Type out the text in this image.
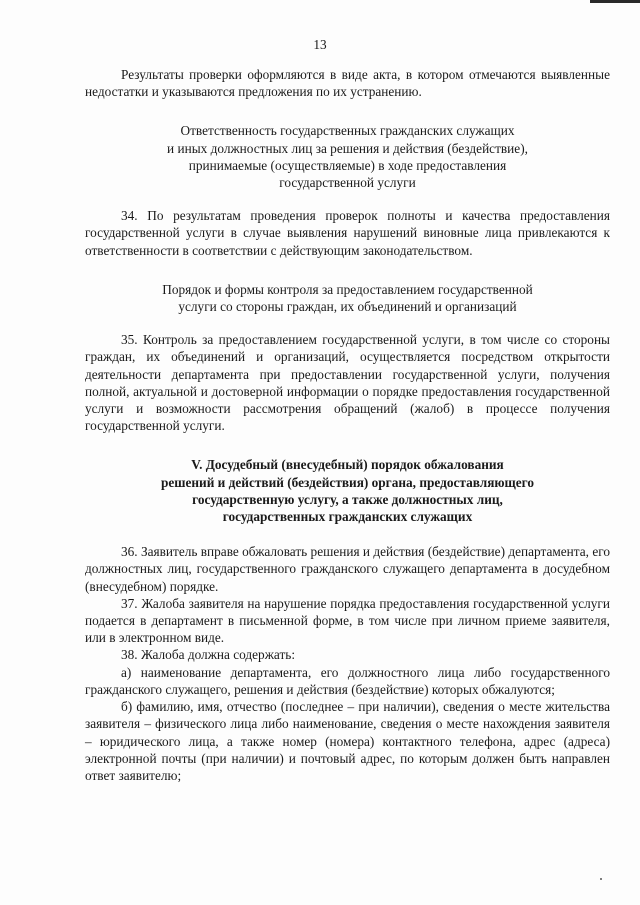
13

Результаты проверки оформляются в виде акта, в котором отмечаются выявленные недостатки и указываются предложения по их устранению.

Ответственность государственных гражданских служащих
и иных должностных лиц за решения и действия (бездействие),
принимаемые (осуществляемые) в ходе предоставления
государственной услуги

34. По результатам проведения проверок полноты и качества предоставления государственной услуги в случае выявления нарушений виновные лица привлекаются к ответственности в соответствии с действующим законодательством.

Порядок и формы контроля за предоставлением государственной
услуги со стороны граждан, их объединений и организаций

35. Контроль за предоставлением государственной услуги, в том числе со стороны граждан, их объединений и организаций, осуществляется посредством открытости деятельности департамента при предоставлении государственной услуги, получения полной, актуальной и достоверной информации о порядке предоставления государственной услуги и возможности рассмотрения обращений (жалоб) в процессе получения государственной услуги.

V. Досудебный (внесудебный) порядок обжалования
решений и действий (бездействия) органа, предоставляющего
государственную услугу, а также должностных лиц,
государственных гражданских служащих

36. Заявитель вправе обжаловать решения и действия (бездействие) департамента, его должностных лиц, государственного гражданского служащего департамента в досудебном (внесудебном) порядке.

37. Жалоба заявителя на нарушение порядка предоставления государственной услуги подается в департамент в письменной форме, в том числе при личном приеме заявителя, или в электронном виде.

38. Жалоба должна содержать:

а) наименование департамента, его должностного лица либо государственного гражданского служащего, решения и действия (бездействие) которых обжалуются;

б) фамилию, имя, отчество (последнее – при наличии), сведения о месте жительства заявителя – физического лица либо наименование, сведения о месте нахождения заявителя – юридического лица, а также номер (номера) контактного телефона, адрес (адреса) электронной почты (при наличии) и почтовый адрес, по которым должен быть направлен ответ заявителю;
